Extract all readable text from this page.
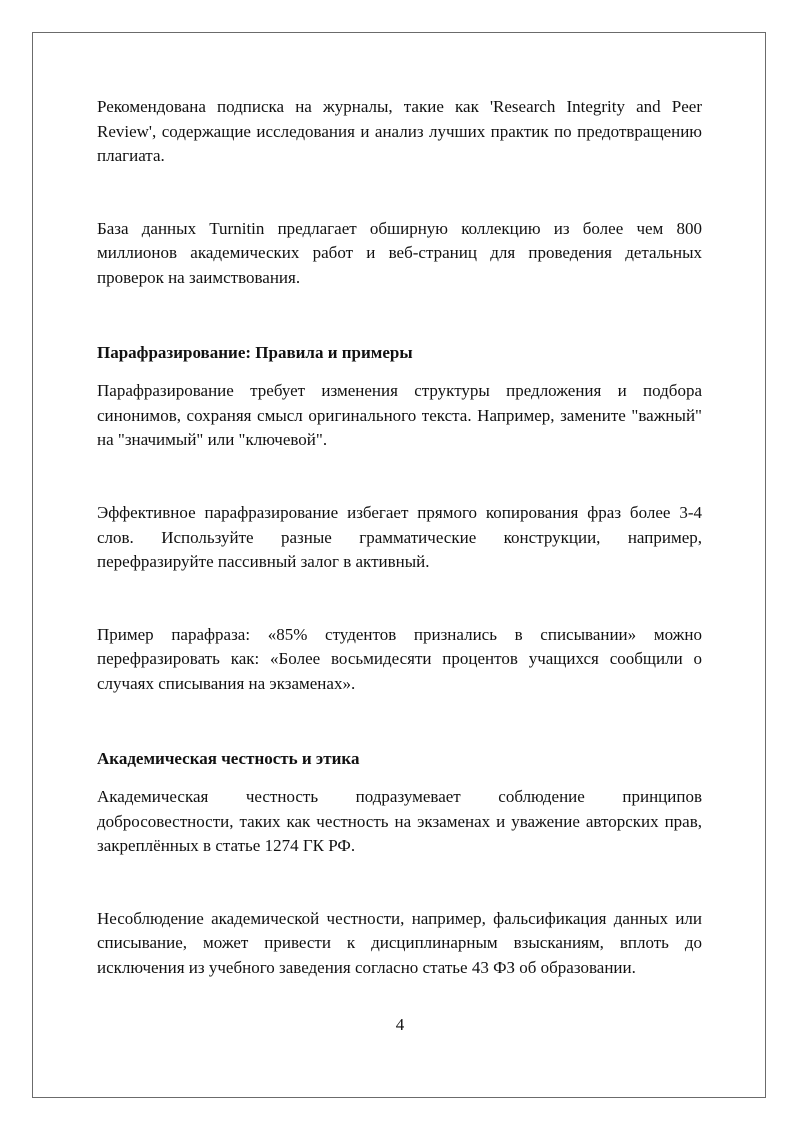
Рекомендована подписка на журналы, такие как 'Research Integrity and Peer Review', содержащие исследования и анализ лучших практик по предотвращению плагиата.

База данных Turnitin предлагает обширную коллекцию из более чем 800 миллионов академических работ и веб-страниц для проведения детальных проверок на заимствования.

Парафразирование: Правила и примеры

Парафразирование требует изменения структуры предложения и подбора синонимов, сохраняя смысл оригинального текста. Например, замените "важный" на "значимый" или "ключевой".

Эффективное парафразирование избегает прямого копирования фраз более 3-4 слов. Используйте разные грамматические конструкции, например, перефразируйте пассивный залог в активный.

Пример парафраза: «85% студентов признались в списывании» можно перефразировать как: «Более восьмидесяти процентов учащихся сообщили о случаях списывания на экзаменах».

Академическая честность и этика

Академическая честность подразумевает соблюдение принципов добросовестности, таких как честность на экзаменах и уважение авторских прав, закреплённых в статье 1274 ГК РФ.

Несоблюдение академической честности, например, фальсификация данных или списывание, может привести к дисциплинарным взысканиям, вплоть до исключения из учебного заведения согласно статье 43 ФЗ об образовании.

4
